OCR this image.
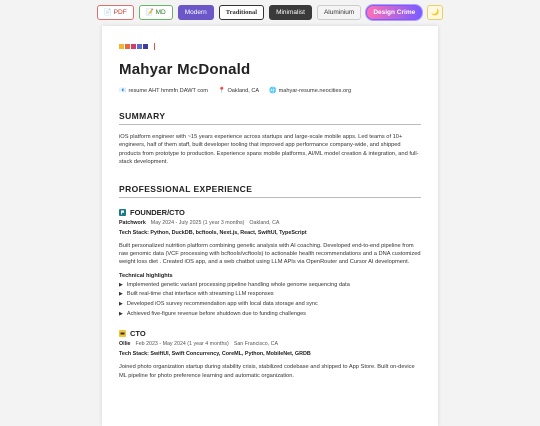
📄 PDF	📝 MD	Modern	Traditional	Minimalist	Aluminium	Design Crime	🌙
Mahyar McDonald
📧 resume AHT hmmfn DAWT com 📍 Oakland, CA 🌐 mahyar-resume.neocities.org
SUMMARY
iOS platform engineer with ~15 years experience across startups and large-scale mobile apps. Led teams of 10+ engineers, half of them staff, built developer tooling that improved app performance company-wide, and shipped products from prototype to production. Experience spans mobile platforms, AI/ML model creation & integration, and full-stack development.
PROFESSIONAL EXPERIENCE
FOUNDER/CTO
Patchwork May 2024 - July 2025 (1 year 3 months) Oakland, CA
Tech Stack: Python, DuckDB, bcftools, Next.js, React, SwiftUI, TypeScript
Built personalized nutrition platform combining genetic analysis with AI coaching. Developed end-to-end pipeline from raw genomic data (VCF processing with bcftools/vcftools) to actionable health recommendations and a DNA customized weight loss diet . Created iOS app, and a web chatbot using LLM APIs via OpenRouter and Cursor AI development.
Technical highlights
▶ Implemented genetic variant processing pipeline handling whole genome sequencing data
▶ Built real-time chat interface with streaming LLM responses
▶ Developed iOS survey recommendation app with local data storage and sync
▶ Achieved five-figure revenue before shutdown due to funding challenges
CTO
Ollie Feb 2023 - May 2024 (1 year 4 months) San Francisco, CA
Tech Stack: SwiftUI, Swift Concurrency, CoreML, Python, MobileNet, GRDB
Joined photo organization startup during stability crisis, stabilized codebase and shipped to App Store. Built on-device ML pipeline for photo preference learning and automatic organization.
